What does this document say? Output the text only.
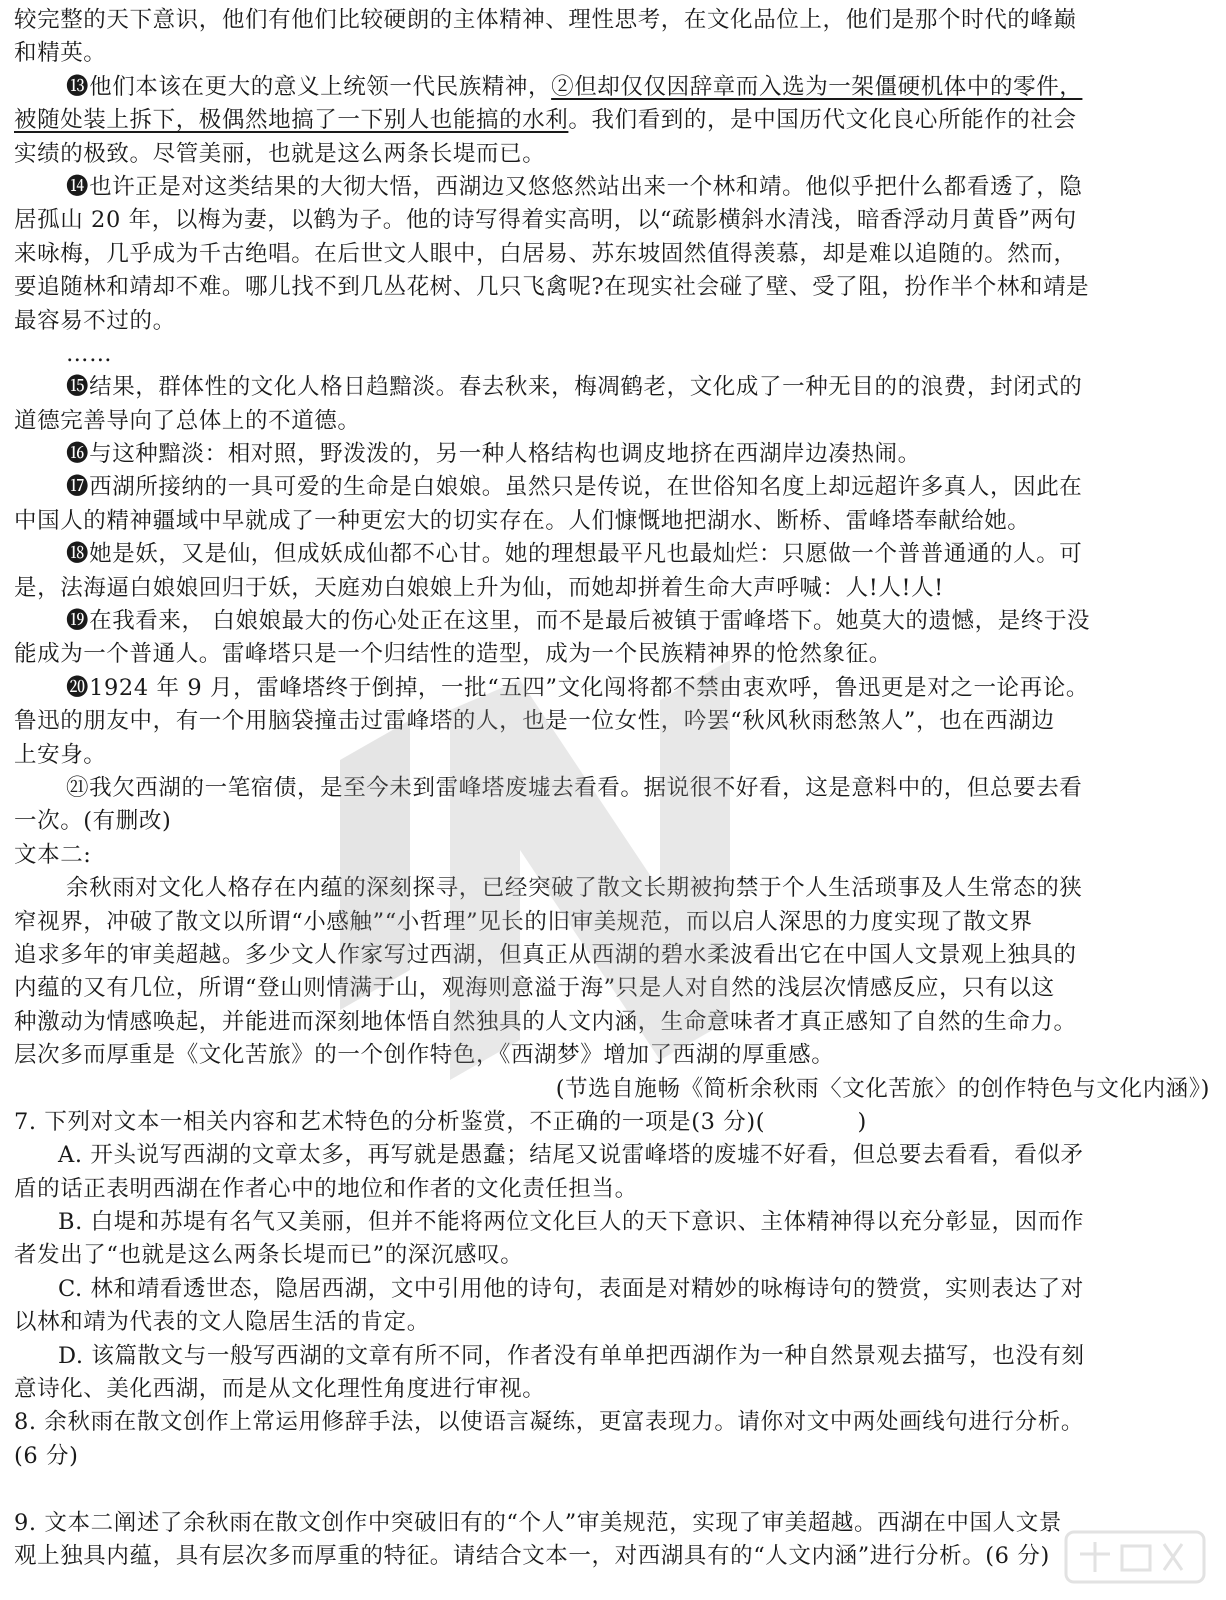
较完整的天下意识，他们有他们比较硬朗的主体精神、理性思考，在文化品位上，他们是那个时代的峰巅
和精英。
⓭他们本该在更大的意义上统领一代民族精神，②但却仅仅因辞章而入选为一架僵硬机体中的零件，
被随处装上拆下，极偶然地搞了一下别人也能搞的水利。我们看到的，是中国历代文化良心所能作的社会
实绩的极致。尽管美丽，也就是这么两条长堤而已。
⓮也许正是对这类结果的大彻大悟，西湖边又悠悠然站出来一个林和靖。他似乎把什么都看透了，隐
居孤山 20 年，以梅为妻，以鹤为子。他的诗写得着实高明，以“疏影横斜水清浅，暗香浮动月黄昏”两句
来咏梅，几乎成为千古绝唱。在后世文人眼中，白居易、苏东坡固然值得羡慕，却是难以追随的。然而，
要追随林和靖却不难。哪儿找不到几丛花树、几只飞禽呢?在现实社会碰了壁、受了阻，扮作半个林和靖是
最容易不过的。
……
⓯结果，群体性的文化人格日趋黯淡。春去秋来，梅凋鹤老，文化成了一种无目的的浪费，封闭式的
道德完善导向了总体上的不道德。
⓰与这种黯淡：相对照，野泼泼的，另一种人格结构也调皮地挤在西湖岸边凑热闹。
⓱西湖所接纳的一具可爱的生命是白娘娘。虽然只是传说，在世俗知名度上却远超许多真人，因此在
中国人的精神疆域中早就成了一种更宏大的切实存在。人们慷慨地把湖水、断桥、雷峰塔奉献给她。
⓲她是妖，又是仙，但成妖成仙都不心甘。她的理想最平凡也最灿烂：只愿做一个普普通通的人。可
是，法海逼白娘娘回归于妖，天庭劝白娘娘上升为仙，而她却拼着生命大声呼喊：人!人!人!
⓳在我看来， 白娘娘最大的伤心处正在这里，而不是最后被镇于雷峰塔下。她莫大的遗憾，是终于没
能成为一个普通人。雷峰塔只是一个归结性的造型，成为一个民族精神界的怆然象征。
⓴1924 年 9 月，雷峰塔终于倒掉，一批“五四”文化闯将都不禁由衷欢呼，鲁迅更是对之一论再论。
鲁迅的朋友中，有一个用脑袋撞击过雷峰塔的人，也是一位女性，吟罢“秋风秋雨愁煞人”，也在西湖边
上安身。
㉑我欠西湖的一笔宿债，是至今未到雷峰塔废墟去看看。据说很不好看，这是意料中的，但总要去看
一次。(有删改)
文本二:
余秋雨对文化人格存在内蕴的深刻探寻，已经突破了散文长期被拘禁于个人生活琐事及人生常态的狭
窄视界，冲破了散文以所谓“小感触”“小哲理”见长的旧审美规范，而以启人深思的力度实现了散文界
追求多年的审美超越。多少文人作家写过西湖，但真正从西湖的碧水柔波看出它在中国人文景观上独具的
内蕴的又有几位，所谓“登山则情满于山，观海则意溢于海”只是人对自然的浅层次情感反应，只有以这
种激动为情感唤起，并能进而深刻地体悟自然独具的人文内涵，生命意味者才真正感知了自然的生命力。
层次多而厚重是《文化苦旅》的一个创作特色，《西湖梦》增加了西湖的厚重感。
(节选自施畅《简析余秋雨〈文化苦旅〉的创作特色与文化内涵》)
7. 下列对文本一相关内容和艺术特色的分析鉴赏，不正确的一项是(3 分)(　　　　)
A. 开头说写西湖的文章太多，再写就是愚蠢；结尾又说雷峰塔的废墟不好看，但总要去看看，看似矛
盾的话正表明西湖在作者心中的地位和作者的文化责任担当。
B. 白堤和苏堤有名气又美丽，但并不能将两位文化巨人的天下意识、主体精神得以充分彰显，因而作
者发出了“也就是这么两条长堤而已”的深沉感叹。
C. 林和靖看透世态，隐居西湖，文中引用他的诗句，表面是对精妙的咏梅诗句的赞赏，实则表达了对
以林和靖为代表的文人隐居生活的肯定。
D. 该篇散文与一般写西湖的文章有所不同，作者没有单单把西湖作为一种自然景观去描写，也没有刻
意诗化、美化西湖，而是从文化理性角度进行审视。
8. 余秋雨在散文创作上常运用修辞手法，以使语言凝练，更富表现力。请你对文中两处画线句进行分析。
(6 分)
9. 文本二阐述了余秋雨在散文创作中突破旧有的“个人”审美规范，实现了审美超越。西湖在中国人文景
观上独具内蕴，具有层次多而厚重的特征。请结合文本一，对西湖具有的“人文内涵”进行分析。(6 分)
